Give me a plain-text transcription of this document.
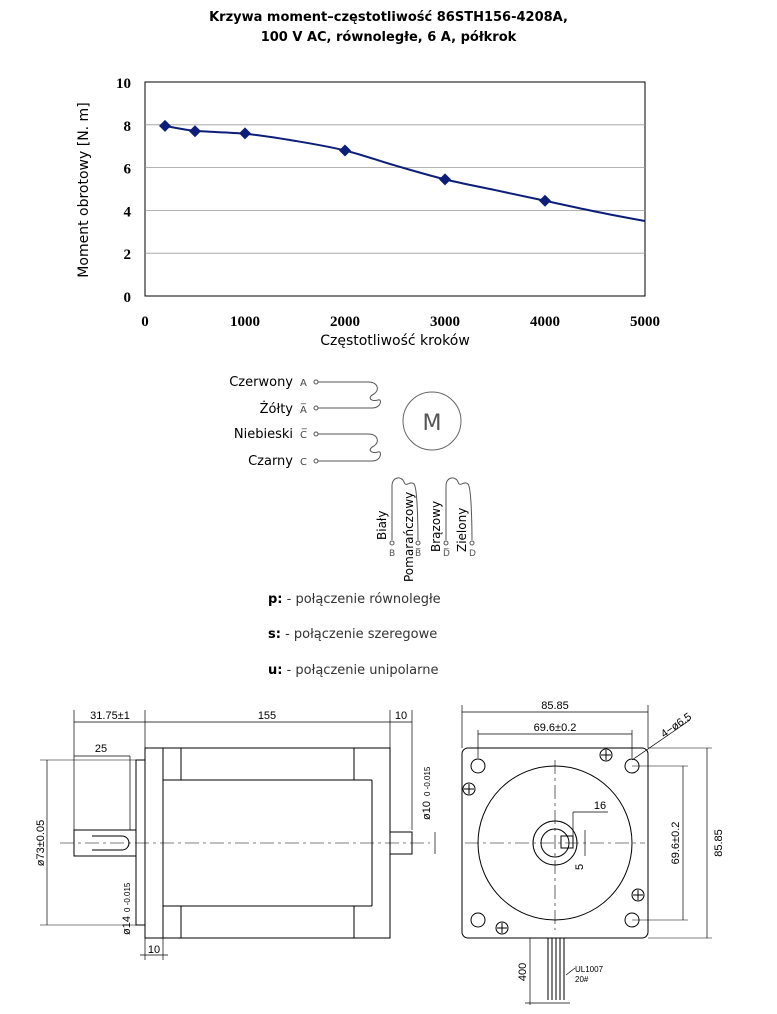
Krzywa moment–częstotliwość 86STH156-4208A,
100 V AC, równoległe, 6 A, półkrok
0
2
4
6
8
10
0	1000	2000	3000	4000	5000
Częstotliwość kroków
Moment obrotowy [N. m]
Czerwony
Żółty
Niebieski
Czarny
A
A̅
C̅
C
M
Biały Pomarańczowy Brązowy Zielony
B B̅ D̅ D
31.75±1	155	10
25
ø73±0.05
ø14
0 -0.015
ø10
0 -0.015
10
85.85
69.6±0.2	4−ø6.5
16
5
69.6±0.2	85.85
400	UL1007
20#
p: - połączenie równoległe
s: - połączenie szeregowe
u: - połączenie unipolarne
